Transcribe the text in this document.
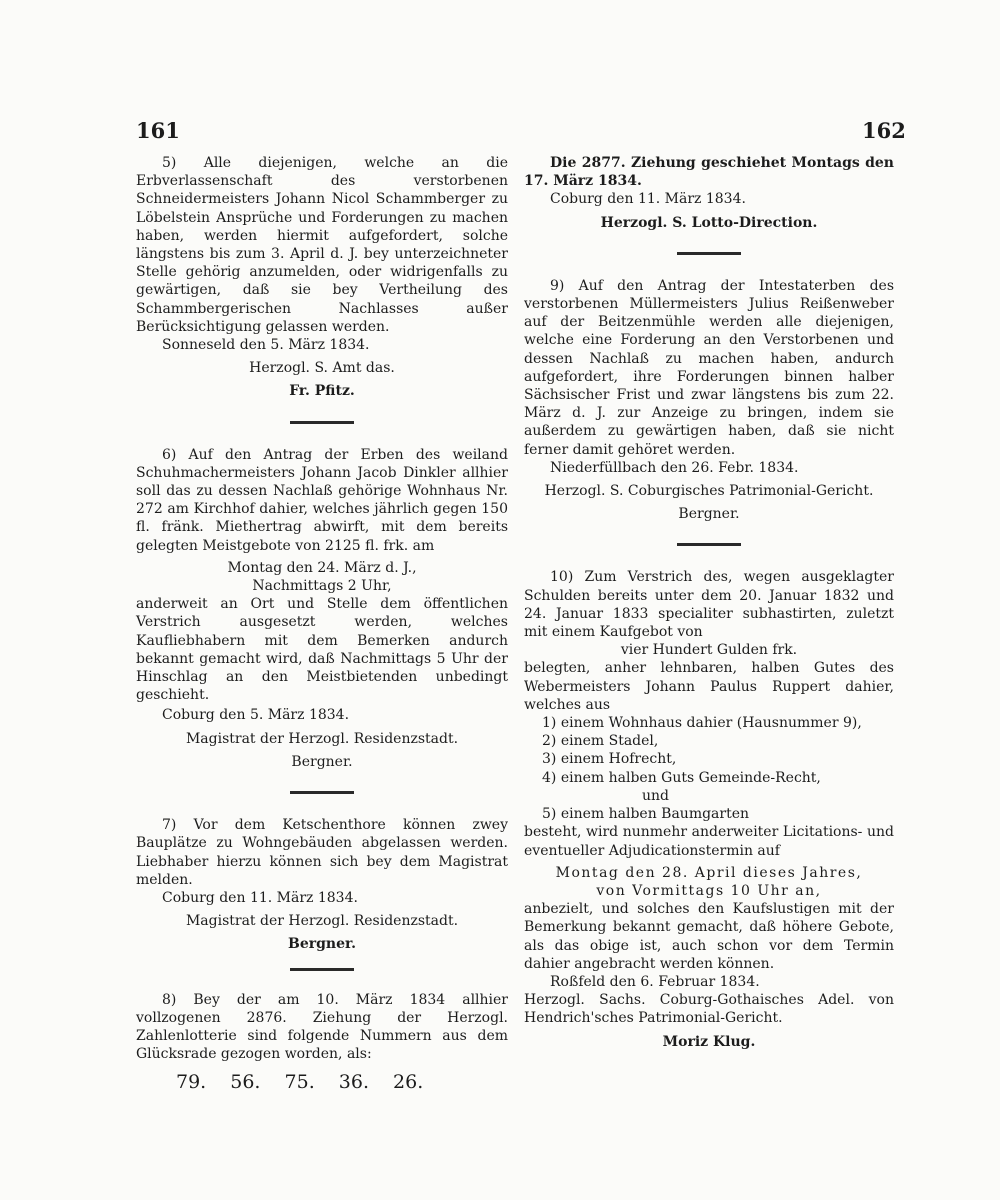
161	162

5) Alle diejenigen, welche an die Erbverlassenschaft des verstorbenen Schneidermeisters Johann Nicol Schammberger zu Löbelstein Ansprüche und Forderungen zu machen haben, werden hiermit aufgefordert, solche längstens bis zum 3. April d. J. bey unterzeichneter Stelle gehörig anzumelden, oder widrigenfalls zu gewärtigen, daß sie bey Vertheilung des Schammbergerischen Nachlasses außer Berücksichtigung gelassen werden.

Sonneseld den 5. März 1834.

Herzogl. S. Amt das.

Fr. Pfitz.

6) Auf den Antrag der Erben des weiland Schuhmachermeisters Johann Jacob Dinkler allhier soll das zu dessen Nachlaß gehörige Wohnhaus Nr. 272 am Kirchhof dahier, welches jährlich gegen 150 fl. fränk. Miethertrag abwirft, mit dem bereits gelegten Meistgebote von 2125 fl. frk. am

Montag den 24. März d. J.,

Nachmittags 2 Uhr,

anderweit an Ort und Stelle dem öffentlichen Verstrich ausgesetzt werden, welches Kaufliebhabern mit dem Bemerken andurch bekannt gemacht wird, daß Nachmittags 5 Uhr der Hinschlag an den Meistbietenden unbedingt geschieht.

Coburg den 5. März 1834.

Magistrat der Herzogl. Residenzstadt.

Bergner.

7) Vor dem Ketschenthore können zwey Bauplätze zu Wohngebäuden abgelassen werden. Liebhaber hierzu können sich bey dem Magistrat melden.

Coburg den 11. März 1834.

Magistrat der Herzogl. Residenzstadt.

Bergner.

8) Bey der am 10. März 1834 allhier vollzogenen 2876. Ziehung der Herzogl. Zahlenlotterie sind folgende Nummern aus dem Glücksrade gezogen worden, als:

79. 56. 75. 36. 26.

Die 2877. Ziehung geschiehet Montags den 17. März 1834.

Coburg den 11. März 1834.

Herzogl. S. Lotto-Direction.

9) Auf den Antrag der Intestaterben des verstorbenen Müllermeisters Julius Reißenweber auf der Beitzenmühle werden alle diejenigen, welche eine Forderung an den Verstorbenen und dessen Nachlaß zu machen haben, andurch aufgefordert, ihre Forderungen binnen halber Sächsischer Frist und zwar längstens bis zum 22. März d. J. zur Anzeige zu bringen, indem sie außerdem zu gewärtigen haben, daß sie nicht ferner damit gehöret werden.

Niederfüllbach den 26. Febr. 1834.

Herzogl. S. Coburgisches Patrimonial-Gericht.

Bergner.

10) Zum Verstrich des, wegen ausgeklagter Schulden bereits unter dem 20. Januar 1832 und 24. Januar 1833 specialiter subhastirten, zuletzt mit einem Kaufgebot von

vier Hundert Gulden frk.

belegten, anher lehnbaren, halben Gutes des Webermeisters Johann Paulus Ruppert dahier, welches aus

1) einem Wohnhaus dahier (Hausnummer 9),
2) einem Stadel,
3) einem Hofrecht,
4) einem halben Guts Gemeinde-Recht,
und
5) einem halben Baumgarten

besteht, wird nunmehr anderweiter Licitations- und eventueller Adjudicationstermin auf

Montag den 28. April dieses Jahres,

von Vormittags 10 Uhr an,

anbezielt, und solches den Kaufslustigen mit der Bemerkung bekannt gemacht, daß höhere Gebote, als das obige ist, auch schon vor dem Termin dahier angebracht werden können.

Roßfeld den 6. Februar 1834.

Herzogl. Sachs. Coburg-Gothaisches Adel. von Hendrich'sches Patrimonial-Gericht.

Moriz Klug.
